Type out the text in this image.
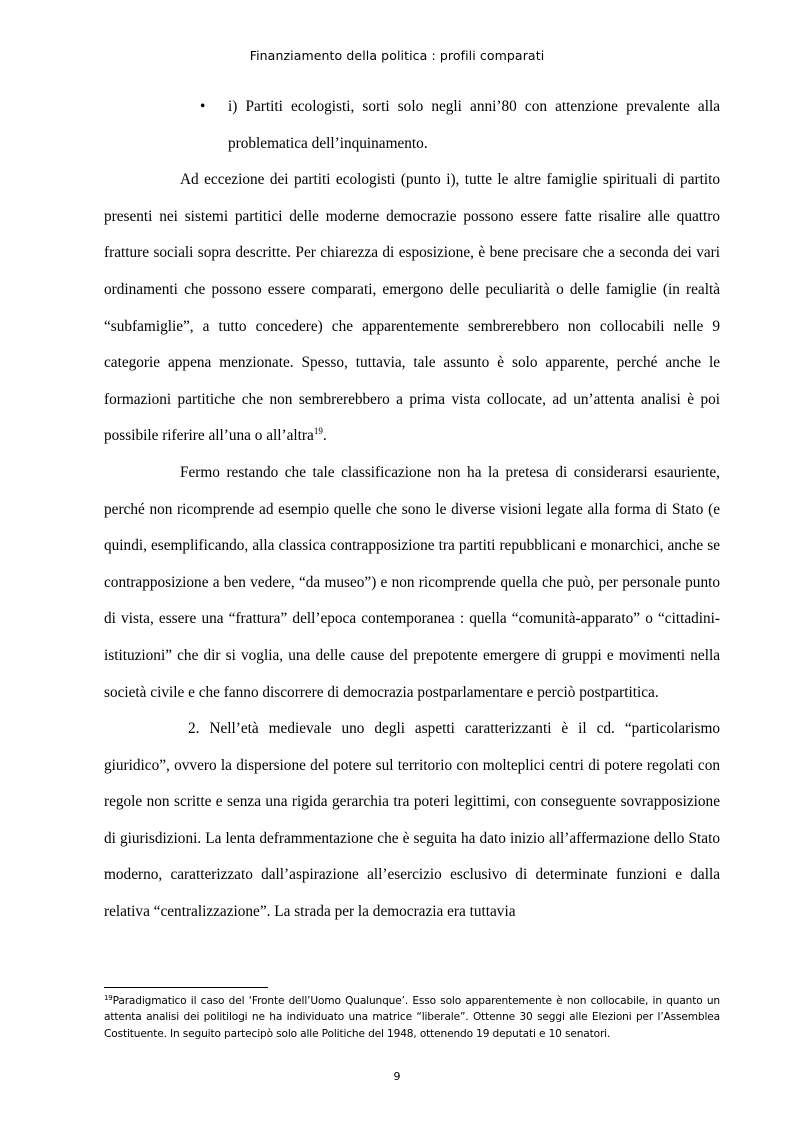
Finanziamento della politica : profili comparati

• i) Partiti ecologisti, sorti solo negli anni’80 con attenzione prevalente alla problematica dell’inquinamento.

Ad eccezione dei partiti ecologisti (punto i), tutte le altre famiglie spirituali di partito presenti nei sistemi partitici delle moderne democrazie possono essere fatte risalire alle quattro fratture sociali sopra descritte. Per chiarezza di esposizione, è bene precisare che a seconda dei vari ordinamenti che possono essere comparati, emergono delle peculiarità o delle famiglie (in realtà “subfamiglie”, a tutto concedere) che apparentemente sembrerebbero non collocabili nelle 9 categorie appena menzionate. Spesso, tuttavia, tale assunto è solo apparente, perché anche le formazioni partitiche che non sembrerebbero a prima vista collocate, ad un’attenta analisi è poi possibile riferire all’una o all’altra$^{19}$.

Fermo restando che tale classificazione non ha la pretesa di considerarsi esauriente, perché non ricomprende ad esempio quelle che sono le diverse visioni legate alla forma di Stato (e quindi, esemplificando, alla classica contrapposizione tra partiti repubblicani e monarchici, anche se contrapposizione a ben vedere, “da museo”) e non ricomprende quella che può, per personale punto di vista, essere una “frattura” dell’epoca contemporanea : quella “comunità-apparato” o “cittadini-istituzioni” che dir si voglia, una delle cause del prepotente emergere di gruppi e movimenti nella società civile e che fanno discorrere di democrazia postparlamentare e perciò postpartitica.

2. Nell’età medievale uno degli aspetti caratterizzanti è il cd. “particolarismo giuridico”, ovvero la dispersione del potere sul territorio con molteplici centri di potere regolati con regole non scritte e senza una rigida gerarchia tra poteri legittimi, con conseguente sovrapposizione di giurisdizioni. La lenta deframmentazione che è seguita ha dato inizio all’affermazione dello Stato moderno, caratterizzato dall’aspirazione all’esercizio esclusivo di determinate funzioni e dalla relativa “centralizzazione”. La strada per la democrazia era tuttavia

$^{19}$Paradigmatico il caso del ‘Fronte dell’Uomo Qualunque’. Esso solo apparentemente è non collocabile, in quanto un attenta analisi dei politilogi ne ha individuato una matrice “liberale”. Ottenne 30 seggi alle Elezioni per l’Assemblea Costituente. In seguito partecipò solo alle Politiche del 1948, ottenendo 19 deputati e 10 senatori.
9
